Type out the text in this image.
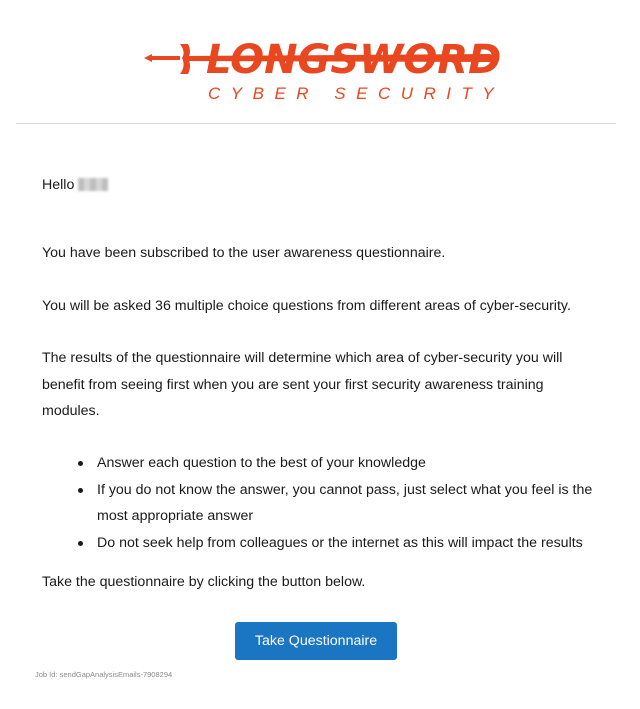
LONGSWORD
CYBER SECURITY
Hello

You have been subscribed to the user awareness questionnaire.

You will be asked 36 multiple choice questions from different areas of cyber-security.

The results of the questionnaire will determine which area of cyber-security you will benefit from seeing first when you are sent your first security awareness training modules.

Answer each question to the best of your knowledge
If you do not know the answer, you cannot pass, just select what you feel is the most appropriate answer
Do not seek help from colleagues or the internet as this will impact the results
Take the questionnaire by clicking the button below.
Take Questionnaire
Job Id: sendGapAnalysisEmails-7908294
